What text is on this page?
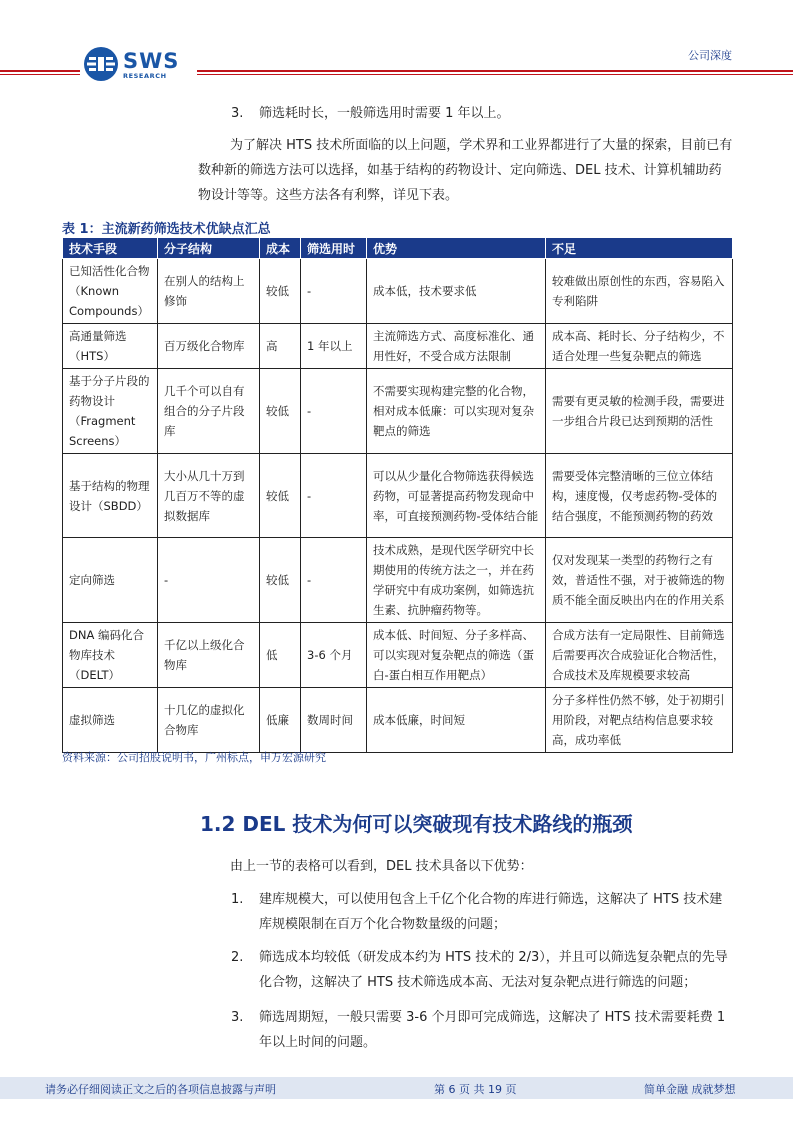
SWS
RESEARCH
公司深度
3.	筛选耗时长，一般筛选用时需要 1 年以上。

为了解决 HTS 技术所面临的以上问题，学术界和工业界都进行了大量的探索，目前已有数种新的筛选方法可以选择，如基于结构的药物设计、定向筛选、DEL 技术、计算机辅助药物设计等等。这些方法各有利弊，详见下表。

表 1：主流新药筛选技术优缺点汇总
技术手段	分子结构	成本	筛选用时	优势	不足
已知活性化合物（Known Compounds）	在别人的结构上修饰	较低	-	成本低，技术要求低	较难做出原创性的东西，容易陷入专利陷阱
高通量筛选（HTS）	百万级化合物库	高	1 年以上	主流筛选方式、高度标准化、通用性好，不受合成方法限制	成本高、耗时长、分子结构少，不适合处理一些复杂靶点的筛选
基于分子片段的药物设计（Fragment Screens）	几千个可以自有组合的分子片段库	较低	-	不需要实现构建完整的化合物，相对成本低廉：可以实现对复杂靶点的筛选	需要有更灵敏的检测手段，需要进一步组合片段已达到预期的活性
基于结构的物理设计（SBDD）	大小从几十万到几百万不等的虚拟数据库	较低	-	可以从少量化合物筛选获得候选药物，可显著提高药物发现命中率，可直接预测药物-受体结合能	需要受体完整清晰的三位立体结构，速度慢，仅考虑药物-受体的结合强度，不能预测药物的药效
定向筛选	-	较低	-	技术成熟，是现代医学研究中长期使用的传统方法之一，并在药学研究中有成功案例，如筛选抗生素、抗肿瘤药物等。	仅对发现某一类型的药物行之有效，普适性不强，对于被筛选的物质不能全面反映出内在的作用关系
DNA 编码化合物库技术（DELT）	千亿以上级化合物库	低	3-6 个月	成本低、时间短、分子多样高、可以实现对复杂靶点的筛选（蛋白-蛋白相互作用靶点）	合成方法有一定局限性、目前筛选后需要再次合成验证化合物活性，合成技术及库规模要求较高
虚拟筛选	十几亿的虚拟化合物库	低廉	数周时间	成本低廉，时间短	分子多样性仍然不够，处于初期引用阶段，对靶点结构信息要求较高，成功率低
资料来源：公司招股说明书，广州标点，申万宏源研究
1.2 DEL 技术为何可以突破现有技术路线的瓶颈

由上一节的表格可以看到，DEL 技术具备以下优势：

1.	建库规模大，可以使用包含上千亿个化合物的库进行筛选，这解决了 HTS 技术建库规模限制在百万个化合物数量级的问题；
2.	筛选成本均较低（研发成本约为 HTS 技术的 2/3），并且可以筛选复杂靶点的先导化合物，这解决了 HTS 技术筛选成本高、无法对复杂靶点进行筛选的问题；
3.	筛选周期短，一般只需要 3-6 个月即可完成筛选，这解决了 HTS 技术需要耗费 1 年以上时间的问题。
请务必仔细阅读正文之后的各项信息披露与声明	第 6 页 共 19 页	简单金融 成就梦想
